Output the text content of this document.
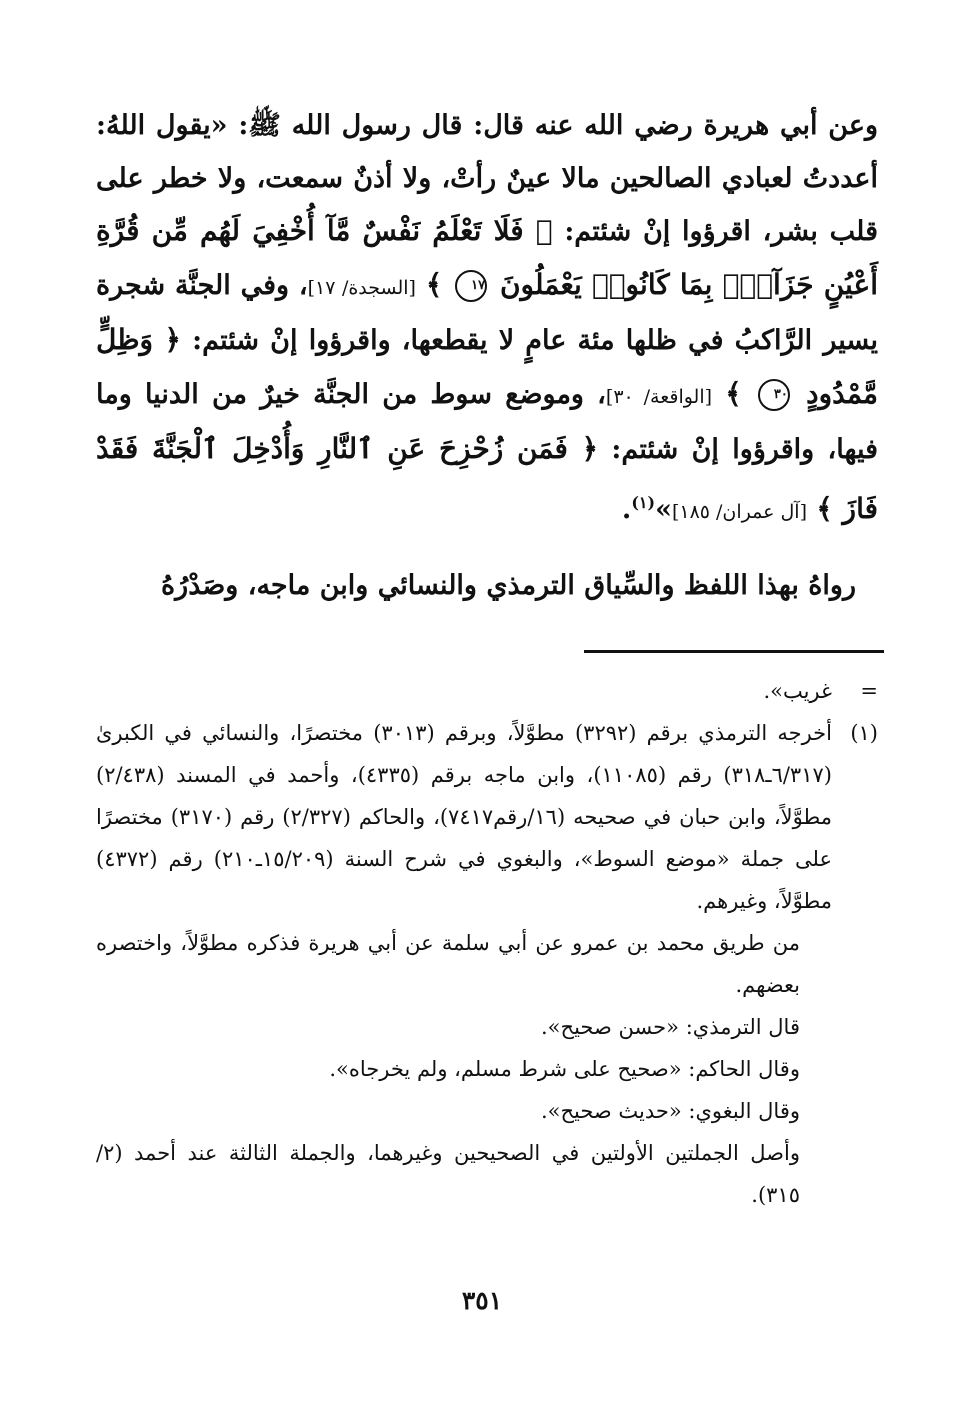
وعن أبي هريرة رضي الله عنه قال: قال رسول الله ﷺ: «يقول اللهُ: أعددتُ لعبادي الصالحين مالا عينٌ رأتْ، ولا أذنٌ سمعت، ولا خطر على قلب بشر، اقرؤوا إنْ شئتم: ﴿ فَلَا تَعْلَمُ نَفْسٌ مَّآ أُخْفِيَ لَهُم مِّن قُرَّةِ أَعْيُنٍ جَزَآءًۢ بِمَا كَانُوا۟ يَعْمَلُونَ ١٧ ﴾ [السجدة/ ١٧]، وفي الجنَّة شجرة يسير الرَّاكبُ في ظلها مئة عامٍ لا يقطعها، واقرؤوا إنْ شئتم: ﴿ وَظِلٍّ مَّمْدُودٍ ٣٠ ﴾ [الواقعة/ ٣٠]، وموضع سوط من الجنَّة خيرٌ من الدنيا وما فيها، واقرؤوا إنْ شئتم: ﴿ فَمَن زُحْزِحَ عَنِ ٱلنَّارِ وَأُدْخِلَ ٱلْجَنَّةَ فَقَدْ فَازَ ﴾ [آل عمران/ ١٨٥]»$^{(١)}$.

رواهُ بهذا اللفظ والسِّياق الترمذي والنسائي وابن ماجه، وصَدْرُهُ
=
غريب».
(١)
أخرجه الترمذي برقم (٣٢٩٢) مطوَّلاً، وبرقم (٣٠١٣) مختصرًا، والنسائي في الكبرىٰ (٦/٣١٧ـ٣١٨) رقم (١١٠٨٥)، وابن ماجه برقم (٤٣٣٥)، وأحمد في المسند (٢/٤٣٨) مطوَّلاً، وابن حبان في صحيحه (١٦/رقم٧٤١٧)، والحاكم (٢/٣٢٧) رقم (٣١٧٠) مختصرًا على جملة «موضع السوط»، والبغوي في شرح السنة (١٥/٢٠٩ـ٢١٠) رقم (٤٣٧٢) مطوَّلاً، وغيرهم.
من طريق محمد بن عمرو عن أبي سلمة عن أبي هريرة فذكره مطوَّلاً، واختصره بعضهم.
قال الترمذي: «حسن صحيح».
وقال الحاكم: «صحيح على شرط مسلم، ولم يخرجاه».
وقال البغوي: «حديث صحيح».
وأصل الجملتين الأولتين في الصحيحين وغيرهما، والجملة الثالثة عند أحمد (٢/ ٣١٥).
٣٥١
